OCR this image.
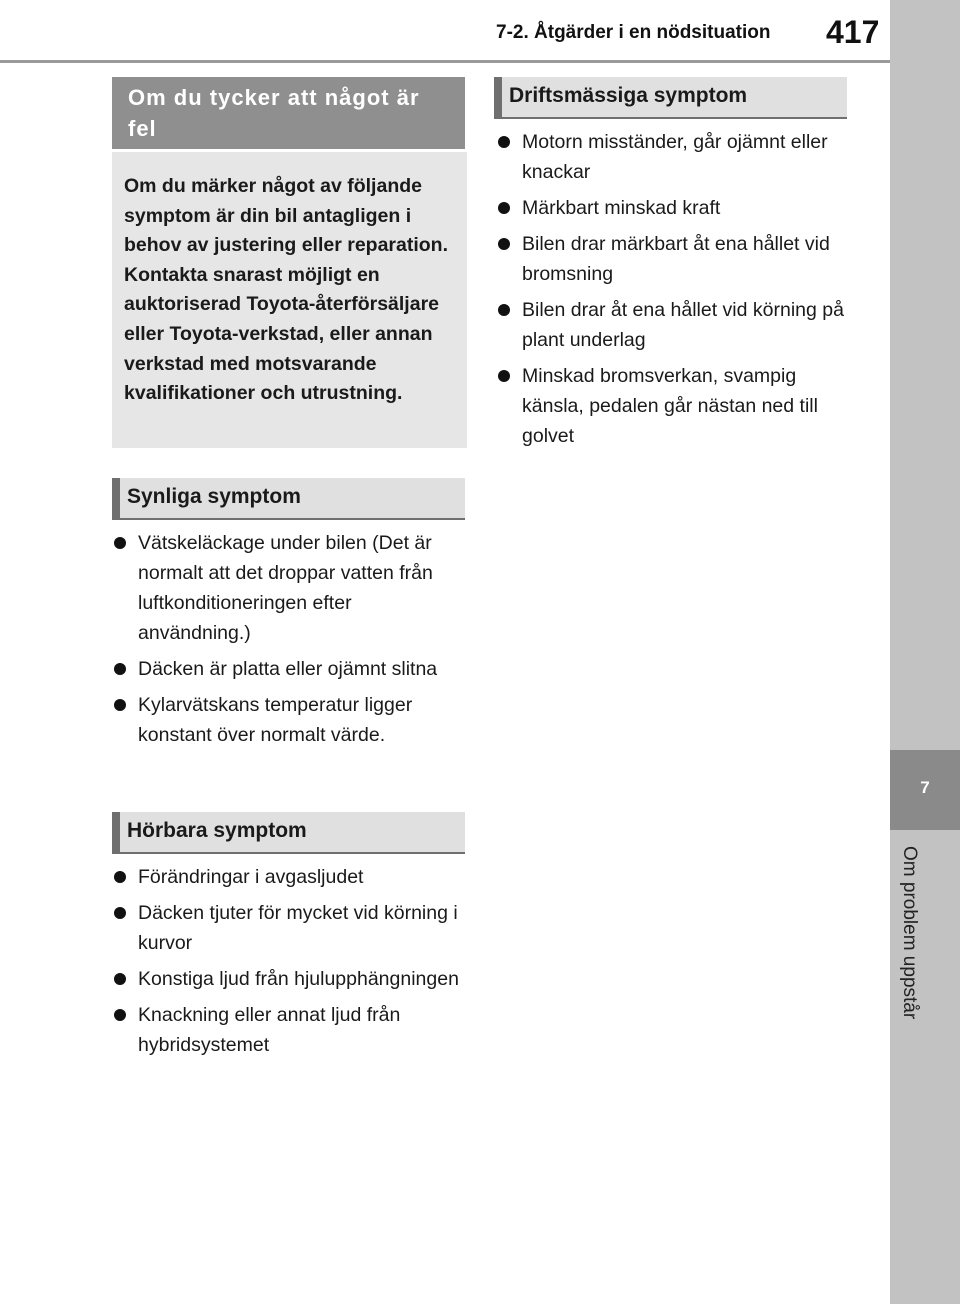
7-2. Åtgärder i en nödsituation 417
7
Om problem uppstår

Om du tycker att något är fel

Om du märker något av följande symptom är din bil antagligen i behov av justering eller reparation. Kontakta snarast möjligt en auktoriserad Toyota-återförsäljare eller Toyota-verkstad, eller annan verkstad med motsvarande kvalifikationer och utrustning.

Synliga symptom

Vätskeläckage under bilen (Det är normalt att det droppar vatten från luftkonditioneringen efter användning.)
Däcken är platta eller ojämnt slitna
Kylarvätskans temperatur ligger konstant över normalt värde.

Hörbara symptom

Förändringar i avgasljudet
Däcken tjuter för mycket vid körning i kurvor
Konstiga ljud från hjulupphängningen
Knackning eller annat ljud från hybridsystemet

Driftsmässiga symptom

Motorn misständer, går ojämnt eller knackar
Märkbart minskad kraft
Bilen drar märkbart åt ena hållet vid bromsning
Bilen drar åt ena hållet vid körning på plant underlag
Minskad bromsverkan, svampig känsla, pedalen går nästan ned till golvet
